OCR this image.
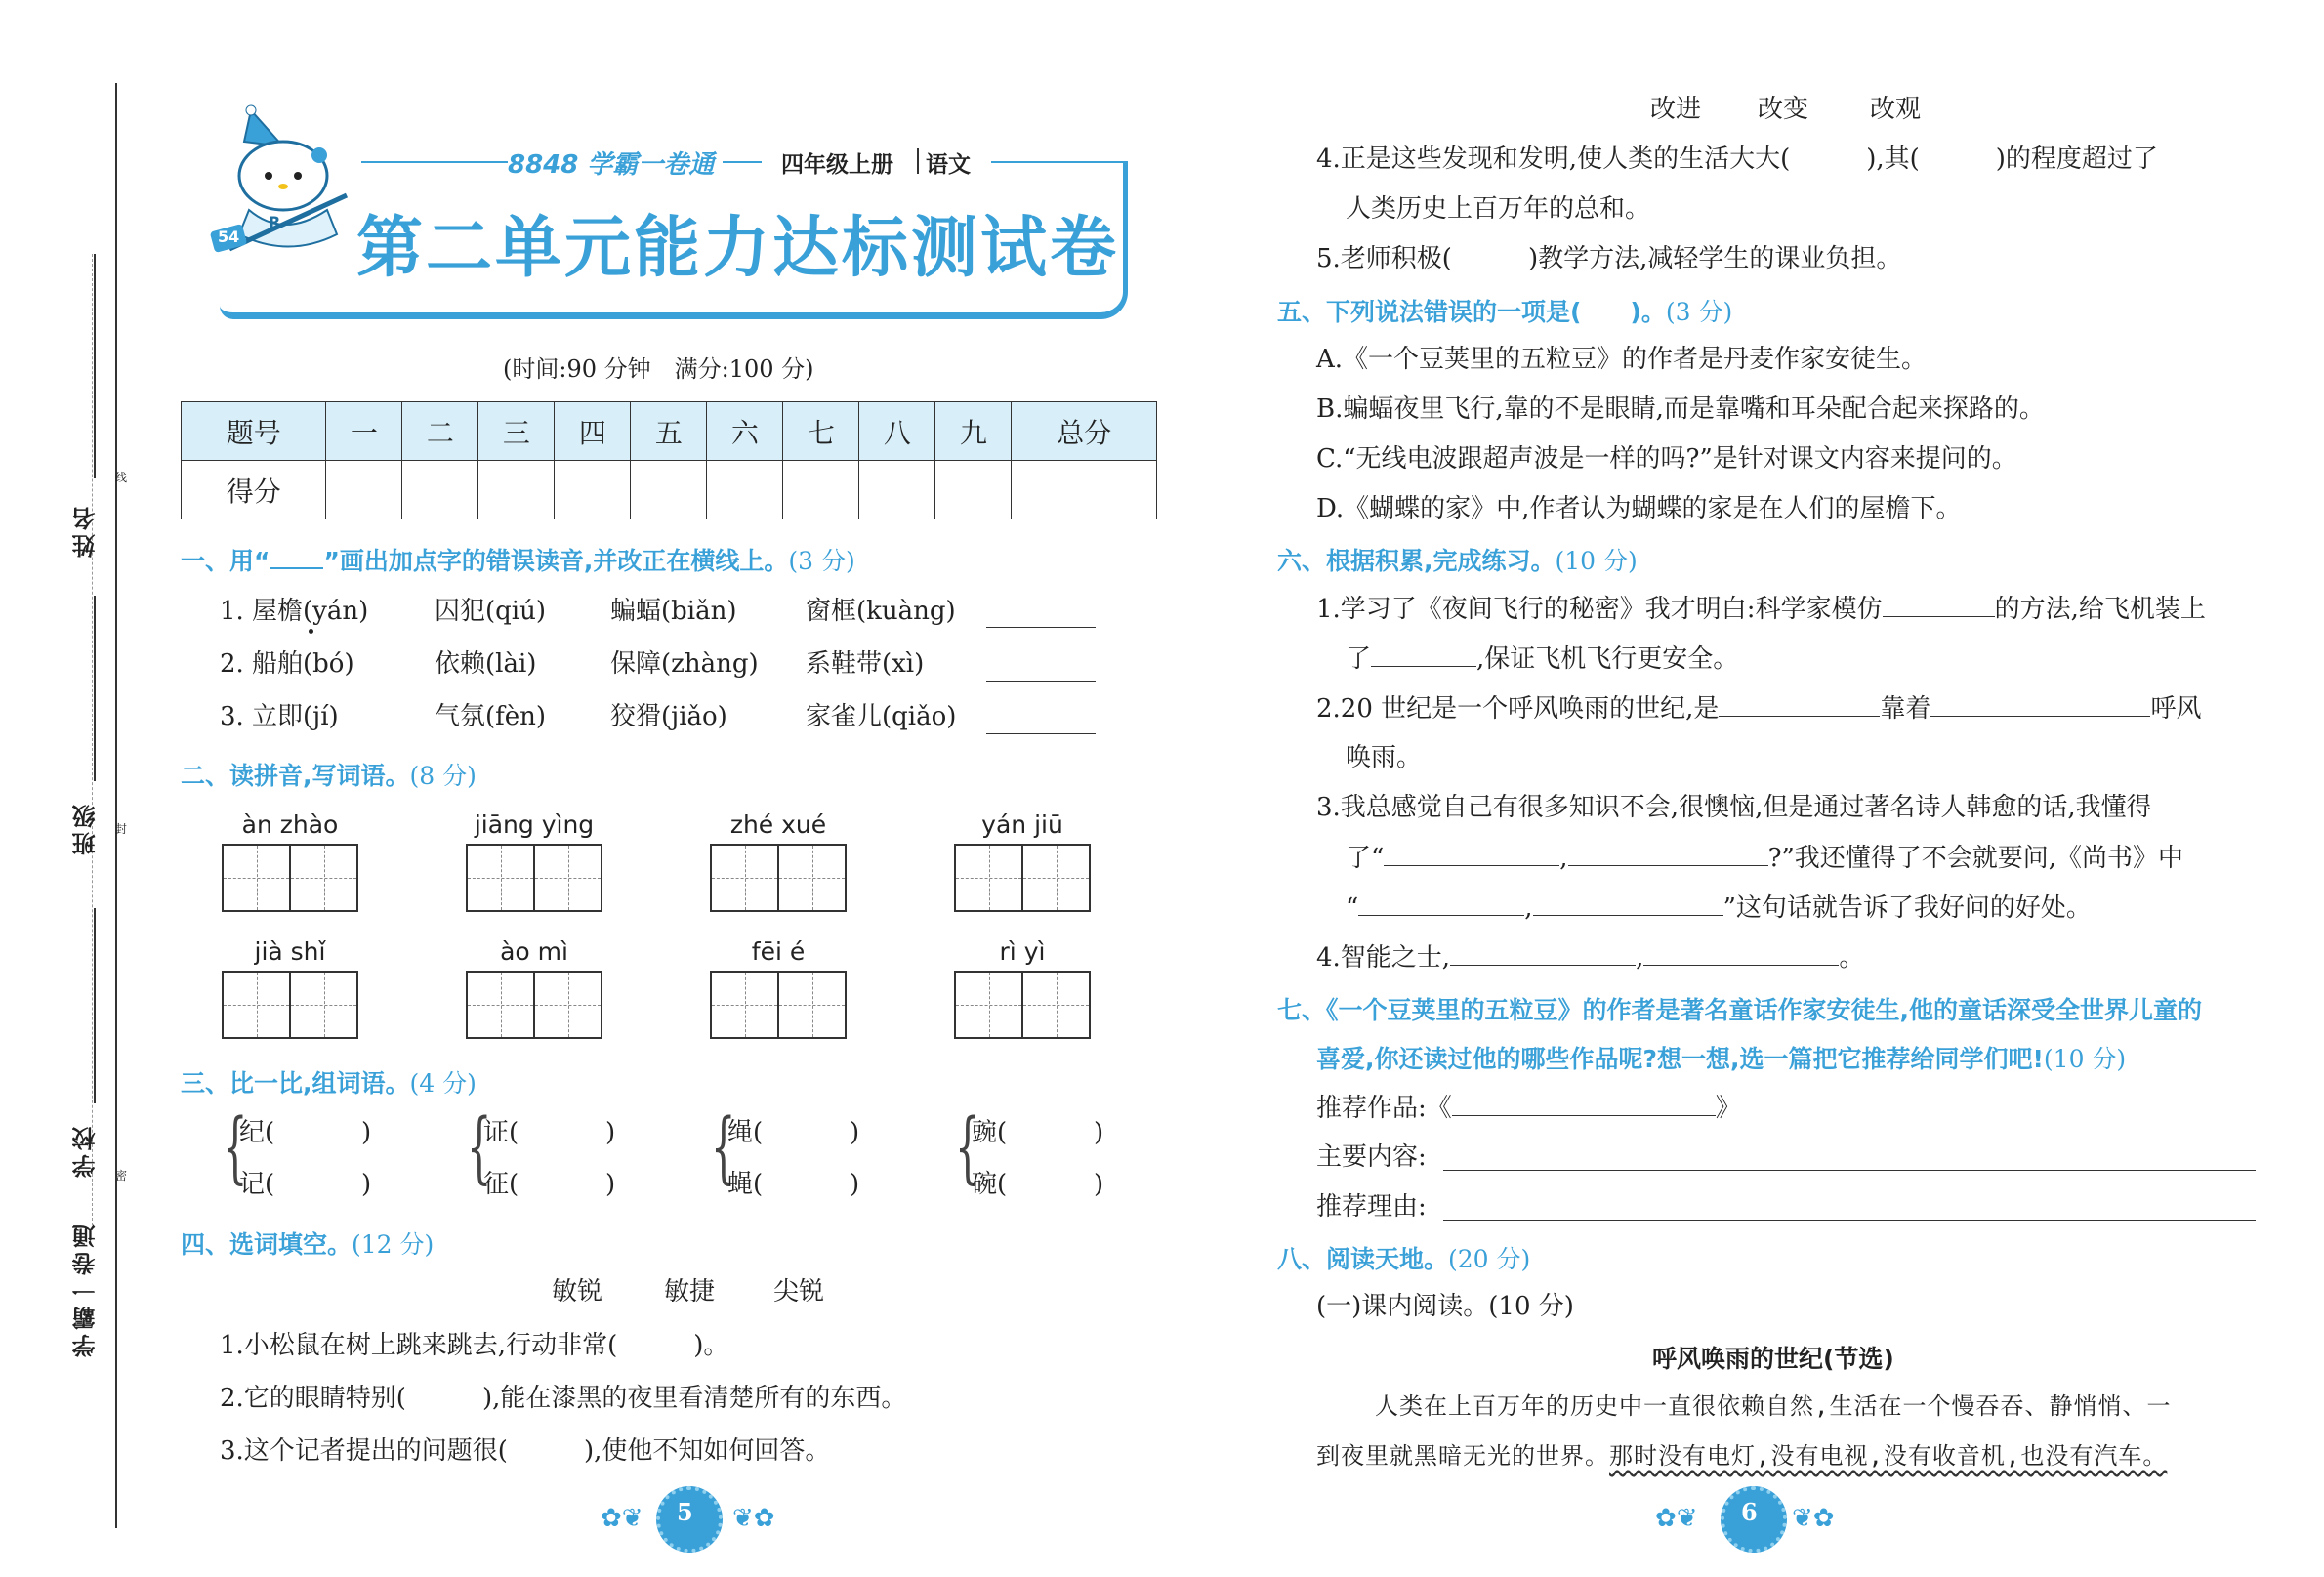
姓名
班级
学校
学霸一卷通
线
封
密
54
R
8848 学霸一卷通	四年级上册 语文
第二单元能力达标测试卷
(时间:90 分钟　满分:100 分)
题号	一	二	三	四	五	六	七	八	九	总分
得分										
一、用“ ”画出加点字的错误读音,并改正在横线上。(3 分)
1. 屋檐(yán)	囚犯(qiú)	蝙蝠(biǎn)	窗框(kuàng)
2. 船舶(bó)	依赖(lài)	保障(zhàng) 系鞋带(xì)
3. 立即(jí)	气氛(fèn)	狡猾(jiǎo)	家雀儿(qiǎo)
二、读拼音,写词语。(8 分)
àn zhào	jiāng yìng	zhé xué	yán jiū
jià shǐ	ào mì	fēi é	rì yì
三、比一比,组词语。(4 分)
{
纪(	)
记(	) {
证(	)
征(	) {
绳(	)
蝇(	) {
豌(	)
碗(	)
四、选词填空。(12 分)
敏锐 敏捷 尖锐
1.小松鼠在树上跳来跳去,行动非常(　　　)。
2.它的眼睛特别(　　　),能在漆黑的夜里看清楚所有的东西。
3.这个记者提出的问题很(　　　),使他不知如何回答。
5
✿❦	❦✿
改进 改变 改观
4.正是这些发现和发明,使人类的生活大大(　　　),其(　　　)的程度超过了
人类历史上百万年的总和。
5.老师积极(　　　)教学方法,减轻学生的课业负担。
五、下列说法错误的一项是(　　)。(3 分)
A.《一个豆荚里的五粒豆》的作者是丹麦作家安徒生。
B.蝙蝠夜里飞行,靠的不是眼睛,而是靠嘴和耳朵配合起来探路的。
C.“无线电波跟超声波是一样的吗?”是针对课文内容来提问的。
D.《蝴蝶的家》中,作者认为蝴蝶的家是在人们的屋檐下。
六、根据积累,完成练习。(10 分)
1.学习了《夜间飞行的秘密》我才明白:科学家模仿	的方法,给飞机装上
了	,保证飞机飞行更安全。
2.20 世纪是一个呼风唤雨的世纪,是	靠着	呼风
唤雨。
3.我总感觉自己有很多知识不会,很懊恼,但是通过著名诗人韩愈的话,我懂得
了“	,	?”我还懂得了不会就要问,《尚书》中
“	,	”这句话就告诉了我好问的好处。
4.智能之士,	,	。
七、《一个豆荚里的五粒豆》的作者是著名童话作家安徒生,他的童话深受全世界儿童的
喜爱,你还读过他的哪些作品呢?想一想,选一篇把它推荐给同学们吧!(10 分)
推荐作品:《	》
主要内容:
推荐理由:
八、阅读天地。(20 分)
(一)课内阅读。(10 分)
呼风唤雨的世纪(节选)
人类在上百万年的历史中一直很依赖自然,生活在一个慢吞吞、静悄悄、一
到夜里就黑暗无光的世界。那时没有电灯,没有电视,没有收音机,也没有汽车。
6
✿❦	❦✿
